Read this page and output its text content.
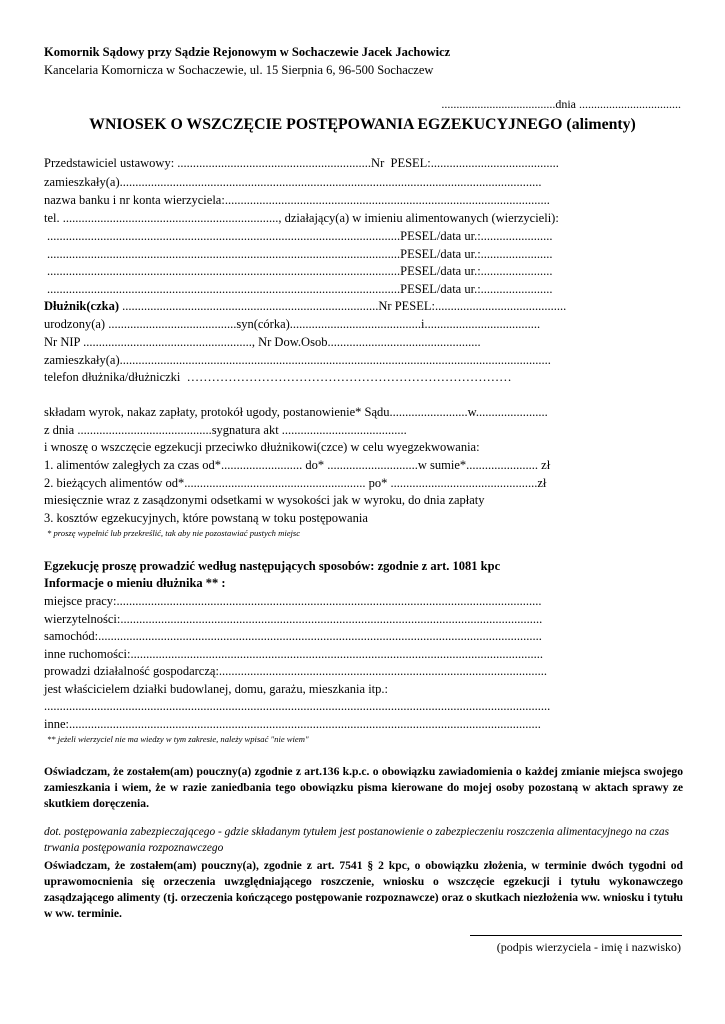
Komornik Sądowy przy Sądzie Rejonowym w Sochaczewie Jacek Jachowicz
Kancelaria Komornicza w Sochaczewie, ul. 15 Sierpnia 6, 96-500 Sochaczew
......................................dnia ..................................
WNIOSEK O WSZCZĘCIE POSTĘPOWANIA EGZEKUCYJNEGO (alimenty)
Przedstawiciel ustawowy: ..............................................................Nr  PESEL:.........................................
zamieszkały(a).......................................................................................................................................
nazwa banku i nr konta wierzyciela:........................................................................................................
tel. ....................................................................., działający(a) w imieniu alimentowanych (wierzycieli):
.................................................................................................................PESEL/data ur.:.......................
.................................................................................................................PESEL/data ur.:.......................
.................................................................................................................PESEL/data ur.:.......................
.................................................................................................................PESEL/data ur.:.......................
Dłużnik(czka) ..................................................................................Nr PESEL:..........................................
urodzony(a) .........................................syn(córka)..........................................i.....................................
Nr NIP ......................................................, Nr Dow.Osob.................................................
zamieszkały(a)..........................................................................................................................................
telefon dłużnika/dłużniczki  ……………………………………………………………………
składam wyrok, nakaz zapłaty, protokół ugody, postanowienie* Sądu.........................w.......................
z dnia ...........................................sygnatura akt ........................................
i wnoszę o wszczęcie egzekucji przeciwko dłużnikowi(czce) w celu wyegzekwowania:
1. alimentów zaległych za czas od*.......................... do* .............................w sumie*....................... zł
2. bieżących alimentów od*.......................................................... po* ...............................................zł
miesięcznie wraz z zasądzonymi odsetkami w wysokości jak w wyroku, do dnia zapłaty
3. kosztów egzekucyjnych, które powstaną w toku postępowania
* proszę wypełnić lub przekreślić, tak aby nie pozostawiać pustych miejsc
Egzekucję proszę prowadzić według następujących sposobów: zgodnie z art. 1081 kpc
Informacje o mieniu dłużnika ** :
miejsce pracy:........................................................................................................................................
wierzytelności:.......................................................................................................................................
samochód:..............................................................................................................................................
inne ruchomości:....................................................................................................................................
prowadzi działalność gospodarczą:.........................................................................................................
jest właścicielem działki budowlanej, domu, garażu, mieszkania itp.:
..................................................................................................................................................................
inne:.......................................................................................................................................................
** jeżeli wierzyciel nie ma wiedzy w tym zakresie, należy wpisać "nie wiem"
Oświadczam, że zostałem(am) pouczny(a) zgodnie z art.136 k.p.c. o obowiązku zawiadomienia o każdej zmianie miejsca swojego zamieszkania i wiem, że w razie zaniedbania tego obowiązku pisma kierowane do mojej osoby pozostaną w aktach sprawy ze skutkiem doręczenia.
dot. postępowania zabezpieczającego - gdzie składanym tytułem jest postanowienie o zabezpieczeniu roszczenia alimentacyjnego na czas trwania postępowania rozpoznawczego
Oświadczam, że zostałem(am) pouczny(a), zgodnie z art. 7541 § 2 kpc, o obowiązku złożenia, w terminie dwóch tygodni od uprawomocnienia się orzeczenia uwzględniającego roszczenie, wniosku o wszczęcie egzekucji i tytułu wykonawczego zasądzającego alimenty (tj. orzeczenia kończącego postępowanie rozpoznawcze) oraz o skutkach niezłożenia ww. wniosku i tytułu w ww. terminie.
(podpis wierzyciela - imię i nazwisko)
